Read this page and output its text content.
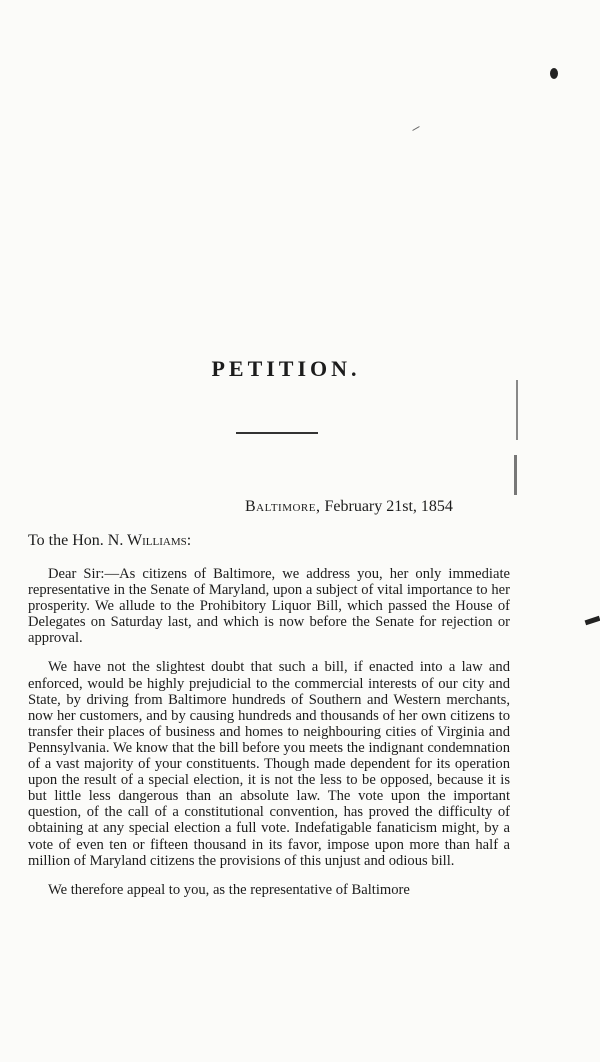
PETITION.
Baltimore, February 21st, 1854
To the Hon. N. Williams:

Dear Sir:—As citizens of Baltimore, we address you, her only immediate representative in the Senate of Maryland, upon a subject of vital importance to her prosperity. We allude to the Prohibitory Liquor Bill, which passed the House of Delegates on Saturday last, and which is now before the Senate for rejection or approval.

We have not the slightest doubt that such a bill, if enacted into a law and enforced, would be highly prejudicial to the commercial interests of our city and State, by driving from Baltimore hundreds of Southern and Western merchants, now her customers, and by causing hundreds and thousands of her own citizens to transfer their places of business and homes to neighbouring cities of Virginia and Pennsylvania. We know that the bill before you meets the indignant condemnation of a vast majority of your constituents. Though made dependent for its operation upon the result of a special election, it is not the less to be opposed, because it is but little less dangerous than an absolute law. The vote upon the important question, of the call of a constitutional convention, has proved the difficulty of obtaining at any special election a full vote. Indefatigable fanaticism might, by a vote of even ten or fifteen thousand in its favor, impose upon more than half a million of Maryland citizens the provisions of this unjust and odious bill.

We therefore appeal to you, as the representative of Baltimore
